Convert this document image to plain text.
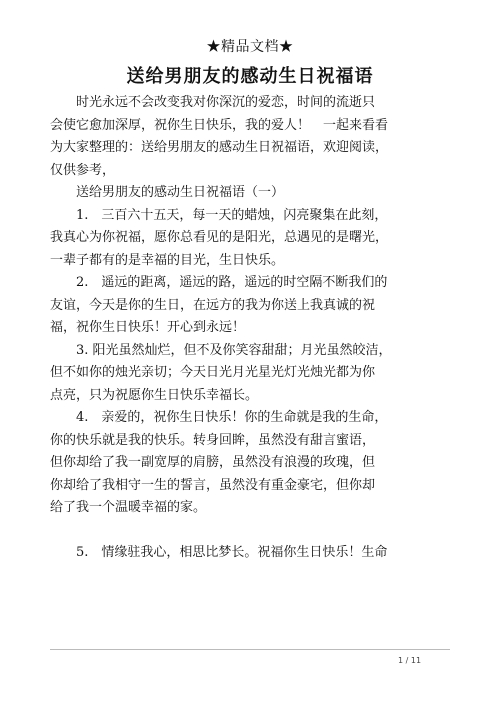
★精品文档★
送给男朋友的感动生日祝福语
　　时光永远不会改变我对你深沉的爱恋，时间的流逝只
会使它愈加深厚，祝你生日快乐，我的爱人！　一起来看看
为大家整理的：送给男朋友的感动生日祝福语，欢迎阅读，
仅供参考，
　　送给男朋友的感动生日祝福语（一）
　　1.　三百六十五天，每一天的蜡烛，闪亮聚集在此刻，
我真心为你祝福，愿你总看见的是阳光，总遇见的是曙光，
一辈子都有的是幸福的目光，生日快乐。
　　2.　遥远的距离，遥远的路，遥远的时空隔不断我们的
友谊，今天是你的生日，在远方的我为你送上我真诚的祝
福，祝你生日快乐！开心到永远！
　　3. 阳光虽然灿烂，但不及你笑容甜甜；月光虽然皎洁，
但不如你的烛光亲切；今天日光月光星光灯光烛光都为你
点亮，只为祝愿你生日快乐幸福长。
　　4.　亲爱的，祝你生日快乐！你的生命就是我的生命，
你的快乐就是我的快乐。转身回眸，虽然没有甜言蜜语，
但你却给了我一副宽厚的肩膀，虽然没有浪漫的玫瑰，但
你却给了我相守一生的誓言，虽然没有重金豪宅，但你却
给了我一个温暖幸福的家。
　　5.　情缘驻我心，相思比梦长。祝福你生日快乐！生命
1 / 11
